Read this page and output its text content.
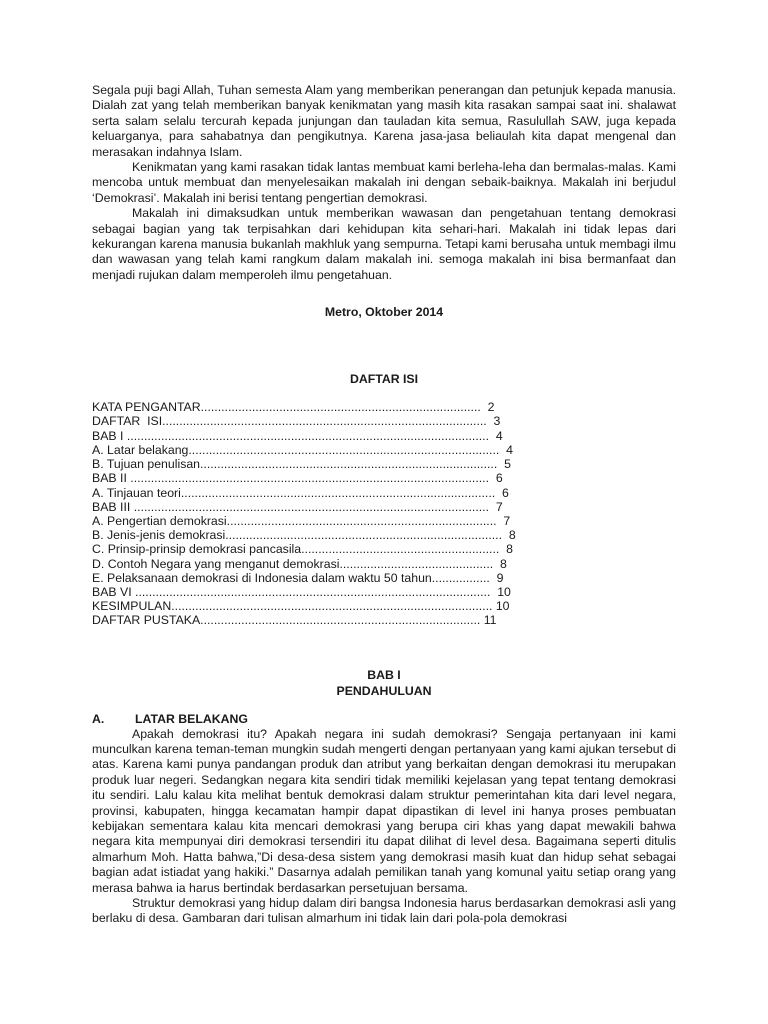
Segala puji bagi Allah, Tuhan semesta Alam yang memberikan penerangan dan petunjuk kepada manusia. Dialah zat yang telah memberikan banyak kenikmatan yang masih kita rasakan sampai saat ini. shalawat serta salam selalu tercurah kepada junjungan dan tauladan kita semua, Rasulullah SAW, juga kepada keluarganya, para sahabatnya dan pengikutnya. Karena jasa-jasa beliaulah kita dapat mengenal dan merasakan indahnya Islam.

Kenikmatan yang kami rasakan tidak lantas membuat kami berleha-leha dan bermalas-malas. Kami mencoba untuk membuat dan menyelesaikan makalah ini dengan sebaik-baiknya. Makalah ini berjudul ‘Demokrasi’. Makalah ini berisi tentang pengertian demokrasi.

Makalah ini dimaksudkan untuk memberikan wawasan dan pengetahuan tentang demokrasi sebagai bagian yang tak terpisahkan dari kehidupan kita sehari-hari. Makalah ini tidak lepas dari kekurangan karena manusia bukanlah makhluk yang sempurna. Tetapi kami berusaha untuk membagi ilmu dan wawasan yang telah kami rangkum dalam makalah ini. semoga makalah ini bisa bermanfaat dan menjadi rujukan dalam memperoleh ilmu pengetahuan.

Metro, Oktober 2014

DAFTAR ISI

KATA PENGANTAR..................................................................................  2
DAFTAR  ISI...............................................................................................  3
BAB I ..........................................................................................................  4
A. Latar belakang...........................................................................................  4
B. Tujuan penulisan.......................................................................................  5
BAB II .........................................................................................................  6
A. Tinjauan teori............................................................................................  6
BAB III ........................................................................................................  7
A. Pengertian demokrasi...............................................................................  7
B. Jenis-jenis demokrasi.................................................................................  8
C. Prinsip-prinsip demokrasi pancasila..........................................................  8
D. Contoh Negara yang menganut demokrasi.............................................  8
E. Pelaksanaan demokrasi di Indonesia dalam waktu 50 tahun.................  9
BAB VI ........................................................................................................  10
KESIMPULAN.............................................................................................. 10
DAFTAR PUSTAKA.................................................................................. 11

BAB I

PENDAHULUAN

A. LATAR BELAKANG

Apakah demokrasi itu? Apakah negara ini sudah demokrasi? Sengaja pertanyaan ini kami munculkan karena teman-teman mungkin sudah mengerti dengan pertanyaan yang kami ajukan tersebut di atas. Karena kami punya pandangan produk dan atribut yang berkaitan dengan demokrasi itu merupakan produk luar negeri. Sedangkan negara kita sendiri tidak memiliki kejelasan yang tepat tentang demokrasi itu sendiri. Lalu kalau kita melihat bentuk demokrasi dalam struktur pemerintahan kita dari level negara, provinsi, kabupaten, hingga kecamatan hampir dapat dipastikan di level ini hanya proses pembuatan kebijakan sementara kalau kita mencari demokrasi yang berupa ciri khas yang dapat mewakili bahwa negara kita mempunyai diri demokrasi tersendiri itu dapat dilihat di level desa. Bagaimana seperti ditulis almarhum Moh. Hatta bahwa,”Di desa-desa sistem yang demokrasi masih kuat dan hidup sehat sebagai bagian adat istiadat yang hakiki.” Dasarnya adalah pemilikan tanah yang komunal yaitu setiap orang yang merasa bahwa ia harus bertindak berdasarkan persetujuan bersama.

Struktur demokrasi yang hidup dalam diri bangsa Indonesia harus berdasarkan demokrasi asli yang berlaku di desa. Gambaran dari tulisan almarhum ini tidak lain dari pola-pola demokrasi
